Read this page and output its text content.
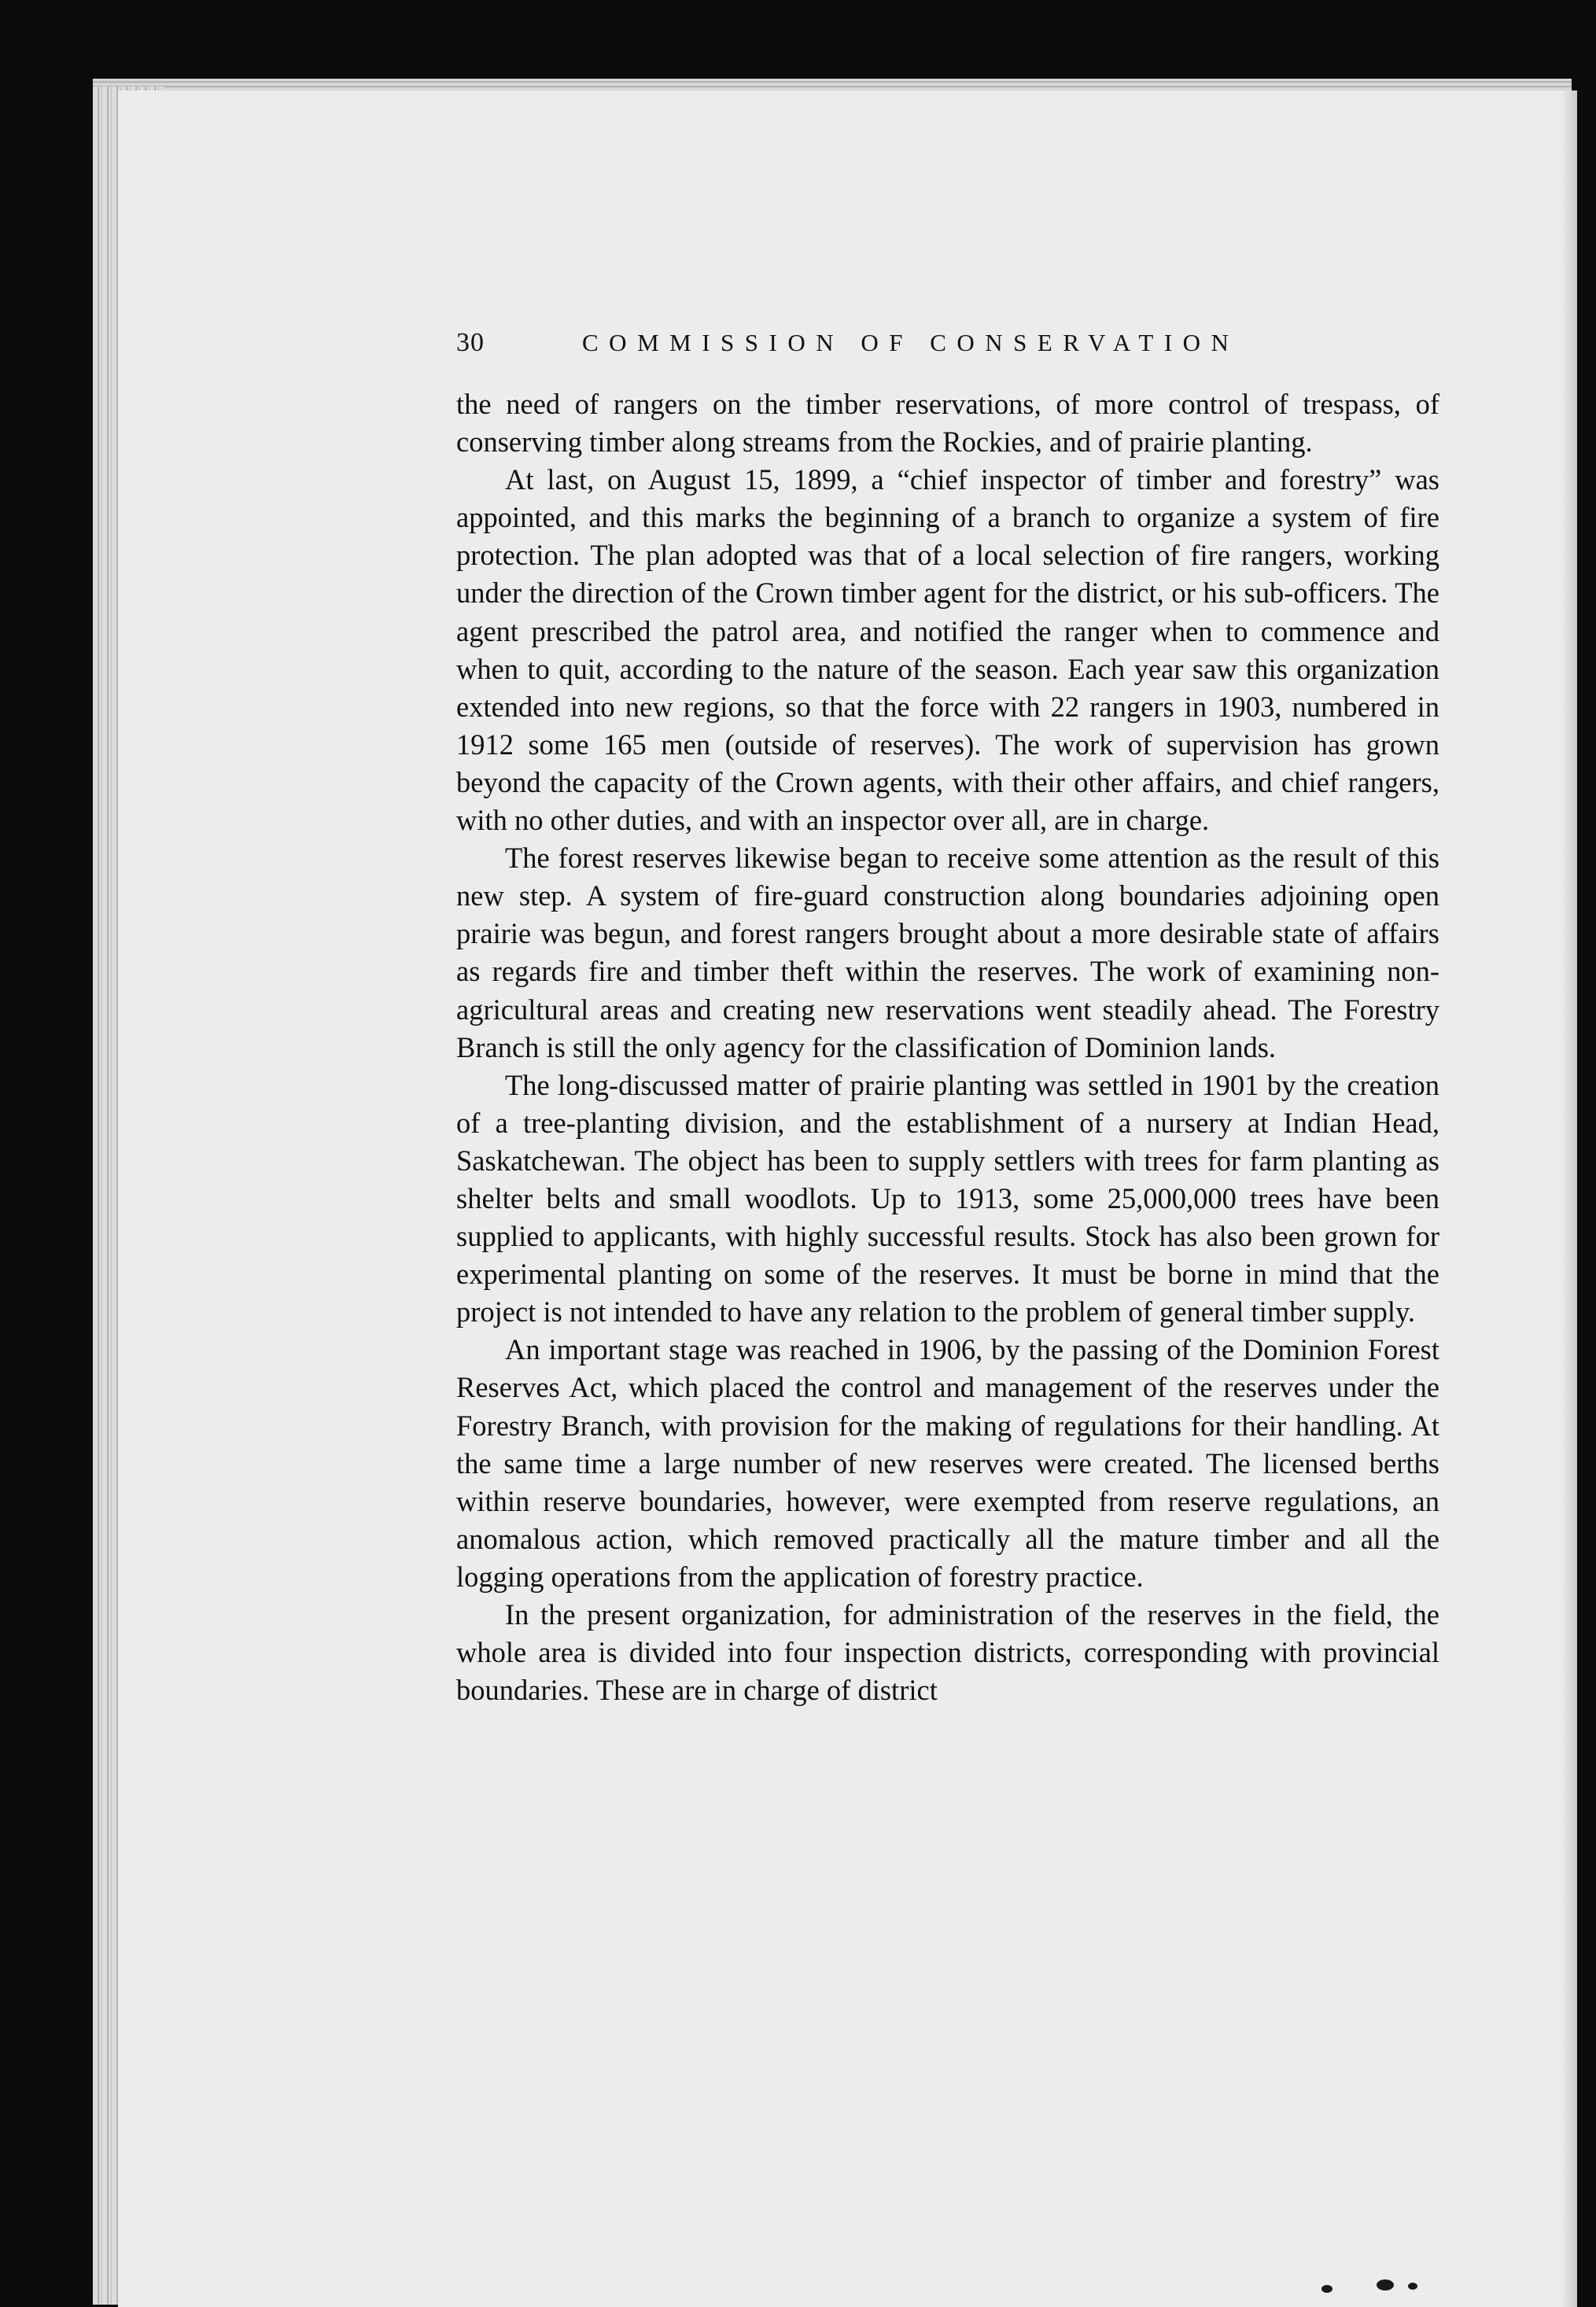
30	COMMISSION OF CONSERVATION

the need of rangers on the timber reservations, of more control of trespass, of conserving timber along streams from the Rockies, and of prairie planting.

At last, on August 15, 1899, a “chief inspector of timber and forestry” was appointed, and this marks the beginning of a branch to organize a system of fire protection. The plan adopted was that of a local selection of fire rangers, working under the direction of the Crown timber agent for the district, or his sub-officers. The agent prescribed the patrol area, and notified the ranger when to commence and when to quit, according to the nature of the season. Each year saw this organization extended into new regions, so that the force with 22 rangers in 1903, numbered in 1912 some 165 men (outside of reserves). The work of supervision has grown beyond the capacity of the Crown agents, with their other affairs, and chief rangers, with no other duties, and with an inspector over all, are in charge.

The forest reserves likewise began to receive some attention as the result of this new step. A system of fire-guard construction along boundaries adjoining open prairie was begun, and forest rangers brought about a more desirable state of affairs as regards fire and timber theft within the reserves. The work of examining non-agricultural areas and creating new reservations went steadily ahead. The Forestry Branch is still the only agency for the classification of Dominion lands.

The long-discussed matter of prairie planting was settled in 1901 by the creation of a tree-planting division, and the establishment of a nursery at Indian Head, Saskatchewan. The object has been to supply settlers with trees for farm planting as shelter belts and small woodlots. Up to 1913, some 25,000,000 trees have been supplied to applicants, with highly successful results. Stock has also been grown for experimental planting on some of the reserves. It must be borne in mind that the project is not intended to have any relation to the problem of general timber supply.

An important stage was reached in 1906, by the passing of the Dominion Forest Reserves Act, which placed the control and management of the reserves under the Forestry Branch, with provision for the making of regulations for their handling. At the same time a large number of new reserves were created. The licensed berths within reserve boundaries, however, were exempted from reserve regulations, an anomalous action, which removed practically all the mature timber and all the logging operations from the application of forestry practice.

In the present organization, for administration of the reserves in the field, the whole area is divided into four inspection districts, corresponding with provincial boundaries. These are in charge of district
